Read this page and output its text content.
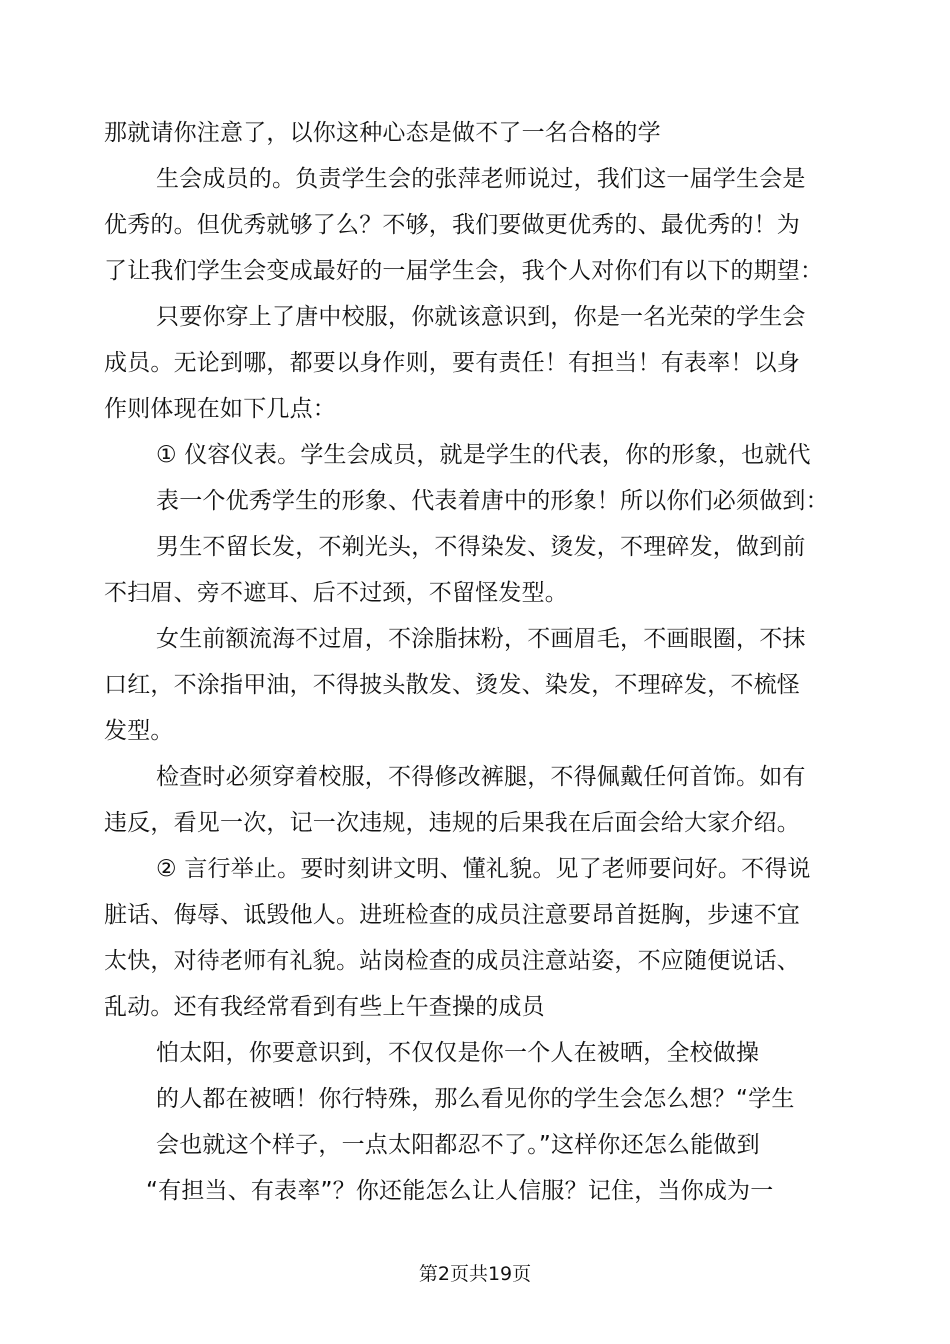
那就请你注意了，以你这种心态是做不了一名合格的学
生会成员的。负责学生会的张萍老师说过，我们这一届学生会是
优秀的。但优秀就够了么？不够，我们要做更优秀的、最优秀的！为
了让我们学生会变成最好的一届学生会，我个人对你们有以下的期望：
只要你穿上了唐中校服，你就该意识到，你是一名光荣的学生会
成员。无论到哪，都要以身作则，要有责任！有担当！有表率！以身
作则体现在如下几点：
① 仪容仪表。学生会成员，就是学生的代表，你的形象，也就代
表一个优秀学生的形象、代表着唐中的形象！所以你们必须做到：
男生不留长发，不剃光头，不得染发、烫发，不理碎发，做到前
不扫眉、旁不遮耳、后不过颈，不留怪发型。
女生前额流海不过眉，不涂脂抹粉，不画眉毛，不画眼圈，不抹
口红，不涂指甲油，不得披头散发、烫发、染发，不理碎发，不梳怪
发型。
检查时必须穿着校服，不得修改裤腿，不得佩戴任何首饰。如有
违反，看见一次，记一次违规，违规的后果我在后面会给大家介绍。
② 言行举止。要时刻讲文明、懂礼貌。见了老师要问好。不得说
脏话、侮辱、诋毁他人。进班检查的成员注意要昂首挺胸，步速不宜
太快，对待老师有礼貌。站岗检查的成员注意站姿，不应随便说话、
乱动。还有我经常看到有些上午查操的成员
怕太阳，你要意识到，不仅仅是你一个人在被晒，全校做操
的人都在被晒！你行特殊，那么看见你的学生会怎么想？“学生
会也就这个样子，一点太阳都忍不了。”这样你还怎么能做到
“有担当、有表率”？你还能怎么让人信服？记住，当你成为一
第2页共19页
